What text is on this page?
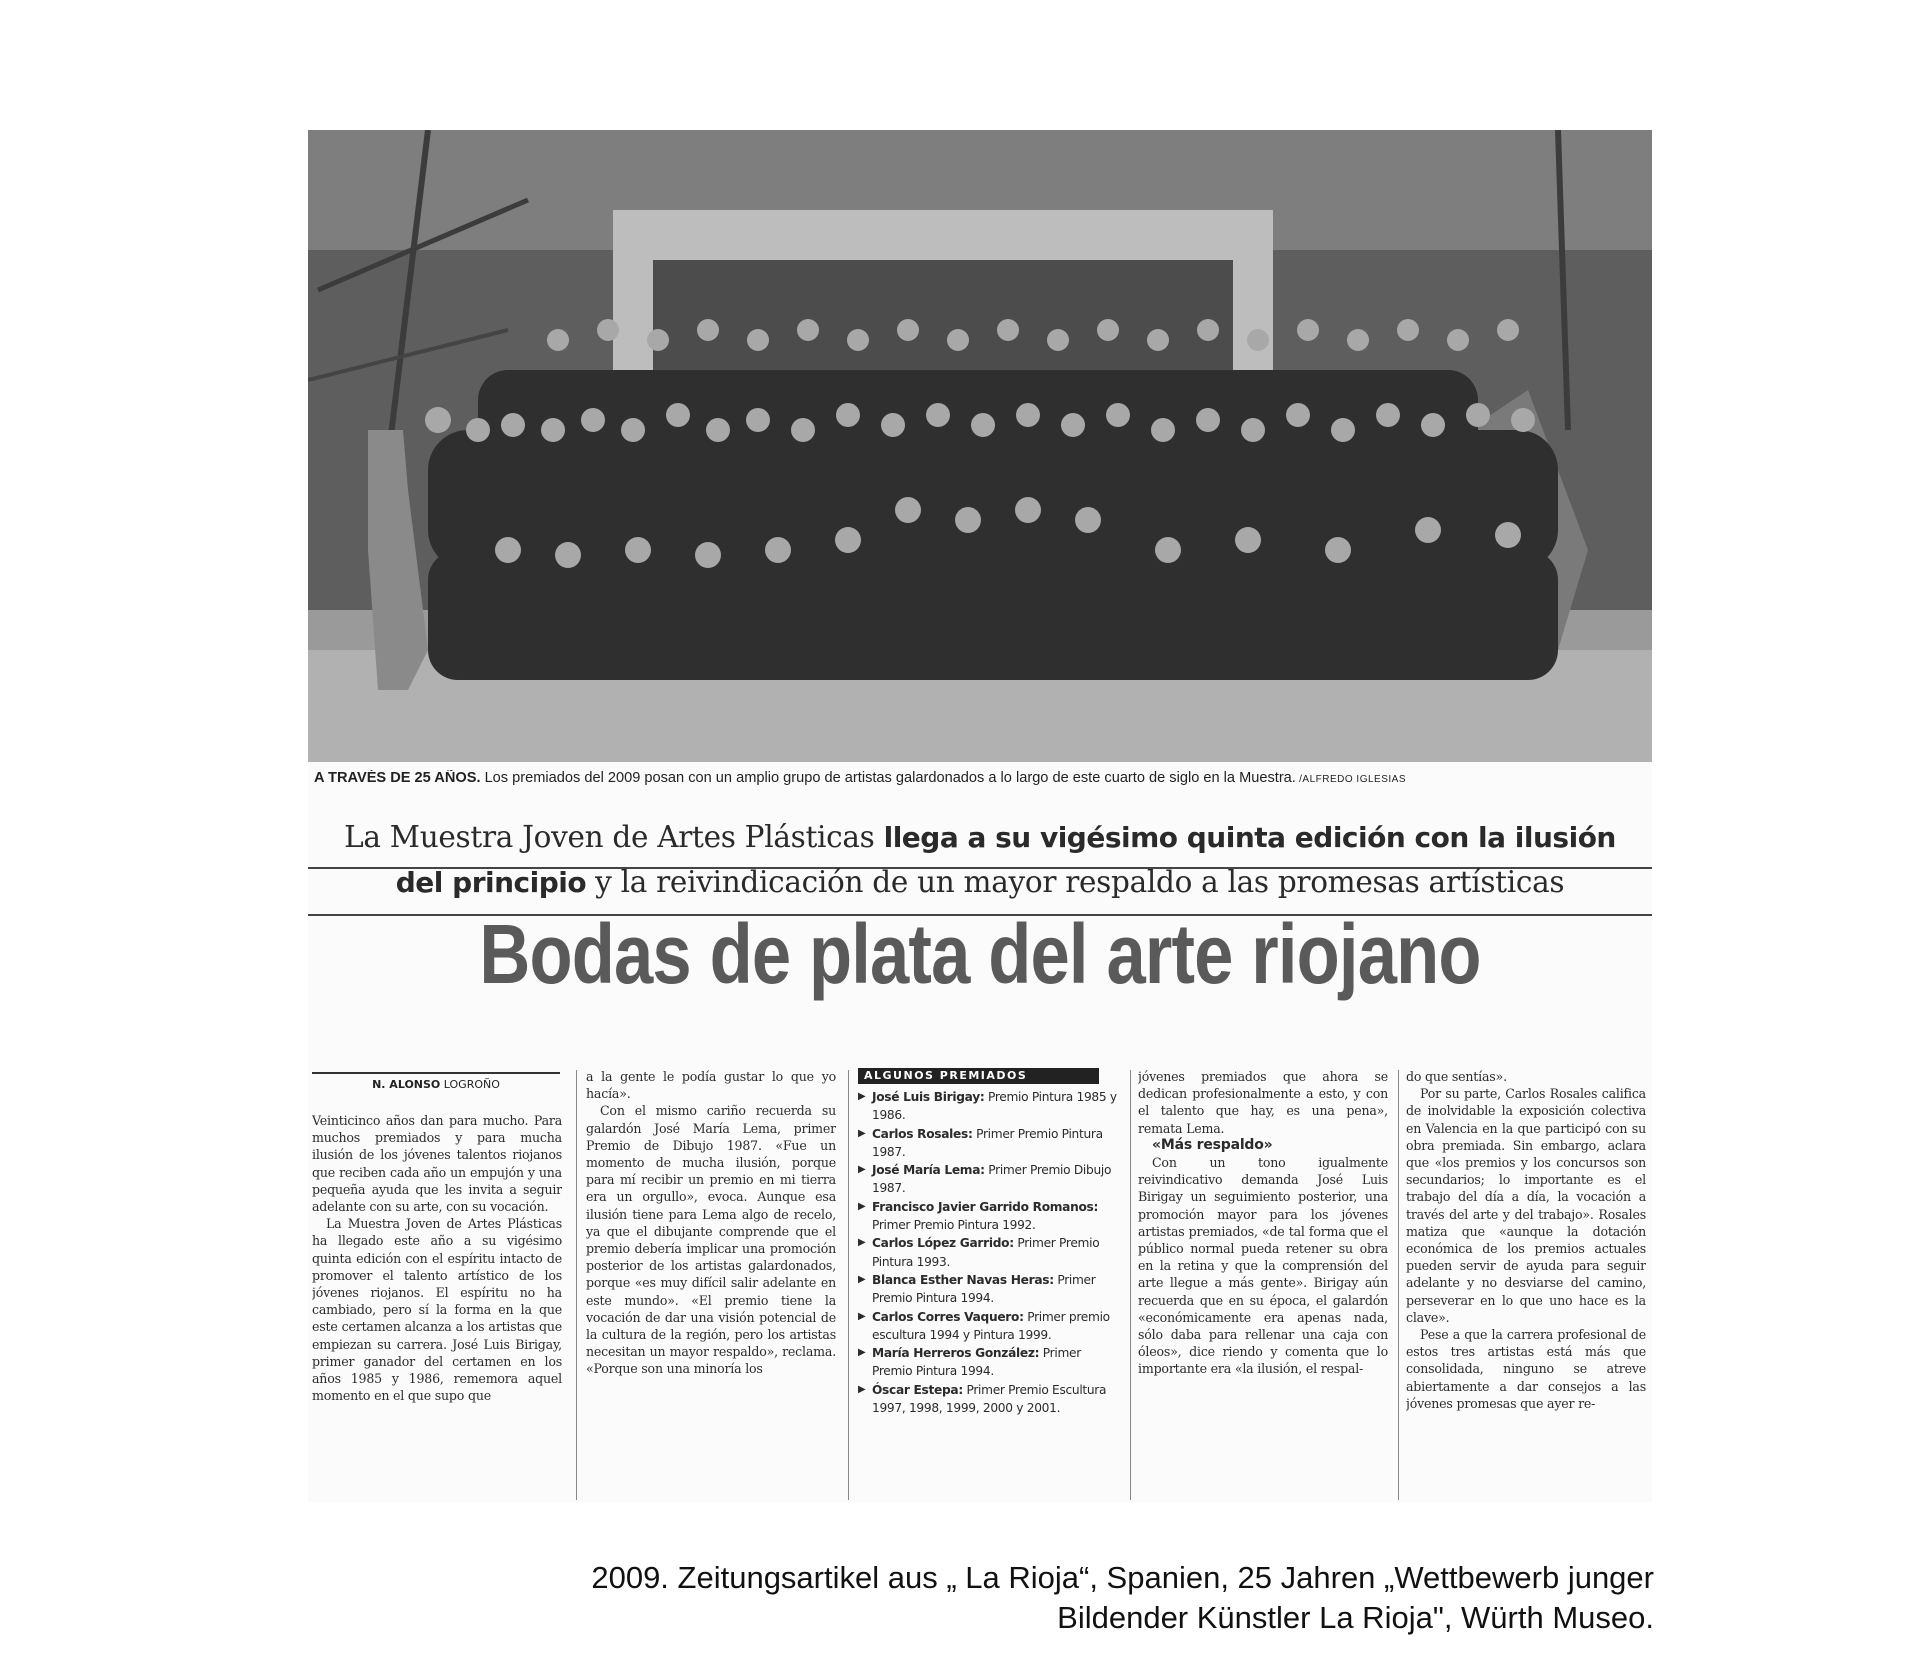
A TRAVÉS DE 25 AÑOS. Los premiados del 2009 posan con un amplio grupo de artistas galardonados a lo largo de este cuarto de siglo en la Muestra. /ALFREDO IGLESIAS
La Muestra Joven de Artes Plásticas llega a su vigésimo quinta edición con la ilusión
del principio y la reivindicación de un mayor respaldo a las promesas artísticas
Bodas de plata del arte riojano
N. ALONSO LOGROÑO

Veinticinco años dan para mucho. Para muchos premiados y para mucha ilusión de los jóvenes talentos riojanos que reciben cada año un empujón y una pequeña ayuda que les invita a seguir adelante con su arte, con su vocación.

La Muestra Joven de Artes Plásticas ha llegado este año a su vigésimo quinta edición con el espíritu intacto de promover el talento artístico de los jóvenes riojanos. El espíritu no ha cambiado, pero sí la forma en la que este certamen alcanza a los artistas que empiezan su carrera. José Luis Birigay, primer ganador del certamen en los años 1985 y 1986, rememora aquel momento en el que supo que

a la gente le podía gustar lo que yo hacía».

Con el mismo cariño recuerda su galardón José María Lema, primer Premio de Dibujo 1987. «Fue un momento de mucha ilusión, porque para mí recibir un premio en mi tierra era un orgullo», evoca. Aunque esa ilusión tiene para Lema algo de recelo, ya que el dibujante comprende que el premio debería implicar una promoción posterior de los artistas galardonados, porque «es muy difícil salir adelante en este mundo». «El premio tiene la vocación de dar una visión potencial de la cultura de la región, pero los artistas necesitan un mayor respaldo», reclama. «Porque son una minoría los

ALGUNOS PREMIADOS
▶ José Luis Birigay: Premio Pintura 1985 y 1986.
▶ Carlos Rosales: Primer Premio Pintura 1987.
▶ José María Lema: Primer Premio Dibujo 1987.
▶ Francisco Javier Garrido Romanos: Primer Premio Pintura 1992.
▶ Carlos López Garrido: Primer Premio Pintura 1993.
▶ Blanca Esther Navas Heras: Primer Premio Pintura 1994.
▶ Carlos Corres Vaquero: Primer premio escultura 1994 y Pintura 1999.
▶ María Herreros González: Primer Premio Pintura 1994.
▶ Óscar Estepa: Primer Premio Escultura 1997, 1998, 1999, 2000 y 2001.

jóvenes premiados que ahora se dedican profesionalmente a esto, y con el talento que hay, es una pena», remata Lema.

«Más respaldo»

Con un tono igualmente reivindicativo demanda José Luis Birigay un seguimiento posterior, una promoción mayor para los jóvenes artistas premiados, «de tal forma que el público normal pueda retener su obra en la retina y que la comprensión del arte llegue a más gente». Birigay aún recuerda que en su época, el galardón «económicamente era apenas nada, sólo daba para rellenar una caja con óleos», dice riendo y comenta que lo importante era «la ilusión, el respal-

do que sentías».

Por su parte, Carlos Rosales califica de inolvidable la exposición colectiva en Valencia en la que participó con su obra premiada. Sin embargo, aclara que «los premios y los concursos son secundarios; lo importante es el trabajo del día a día, la vocación a través del arte y del trabajo». Rosales matiza que «aunque la dotación económica de los premios actuales pueden servir de ayuda para seguir adelante y no desviarse del camino, perseverar en lo que uno hace es la clave».

Pese a que la carrera profesional de estos tres artistas está más que consolidada, ninguno se atreve abiertamente a dar consejos a las jóvenes promesas que ayer re-

2009. Zeitungsartikel aus „ La Rioja“, Spanien, 25 Jahren „Wettbewerb junger
Bildender Künstler La Rioja", Würth Museo.
